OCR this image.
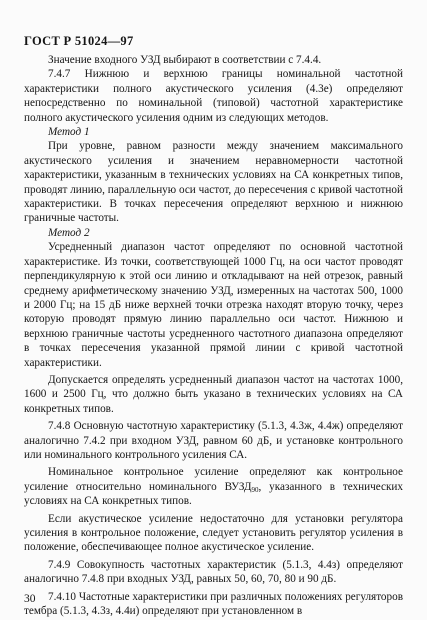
ГОСТ Р 51024—97

Значение входного УЗД выбирают в соответствии с 7.4.4.

7.4.7 Нижнюю и верхнюю границы номинальной частотной характеристики полного акустического усиления (4.3е) определяют непосредственно по номинальной (типовой) частотной характеристике полного акустического усиления одним из следующих методов.

Метод 1

При уровне, равном разности между значением максимального акустического усиления и значением неравномерности частотной характеристики, указанным в технических условиях на СА конкретных типов, проводят линию, параллельную оси частот, до пересечения с кривой частотной характеристики. В точках пересечения определяют верхнюю и нижнюю граничные частоты.

Метод 2

Усредненный диапазон частот определяют по основной частотной характеристике. Из точки, соответствующей 1000 Гц, на оси частот проводят перпендикулярную к этой оси линию и откладывают на ней отрезок, равный среднему арифметическому значению УЗД, измеренных на частотах 500, 1000 и 2000 Гц; на 15 дБ ниже верхней точки отрезка находят вторую точку, через которую проводят прямую линию параллельно оси частот. Нижнюю и верхнюю граничные частоты усредненного частотного диапазона определяют в точках пересечения указанной прямой линии с кривой частотной характеристики.

Допускается определять усредненный диапазон частот на частотах 1000, 1600 и 2500 Гц, что должно быть указано в технических условиях на СА конкретных типов.

7.4.8 Основную частотную характеристику (5.1.3, 4.3ж, 4.4ж) определяют аналогично 7.4.2 при входном УЗД, равном 60 дБ, и установке контрольного или номинального контрольного усиления СА.

Номинальное контрольное усиление определяют как контрольное усиление относительно номинального $ВУЗД_{90}$, указанного в технических условиях на СА конкретных типов.

Если акустическое усиление недостаточно для установки регулятора усиления в контрольное положение, следует установить регулятор усиления в положение, обеспечивающее полное акустическое усиление.

7.4.9 Совокупность частотных характеристик (5.1.3, 4.4з) определяют аналогично 7.4.8 при входных УЗД, равных 50, 60, 70, 80 и 90 дБ.

7.4.10 Частотные характеристики при различных положениях регуляторов тембра (5.1.3, 4.3з, 4.4и) определяют при установленном в

30
